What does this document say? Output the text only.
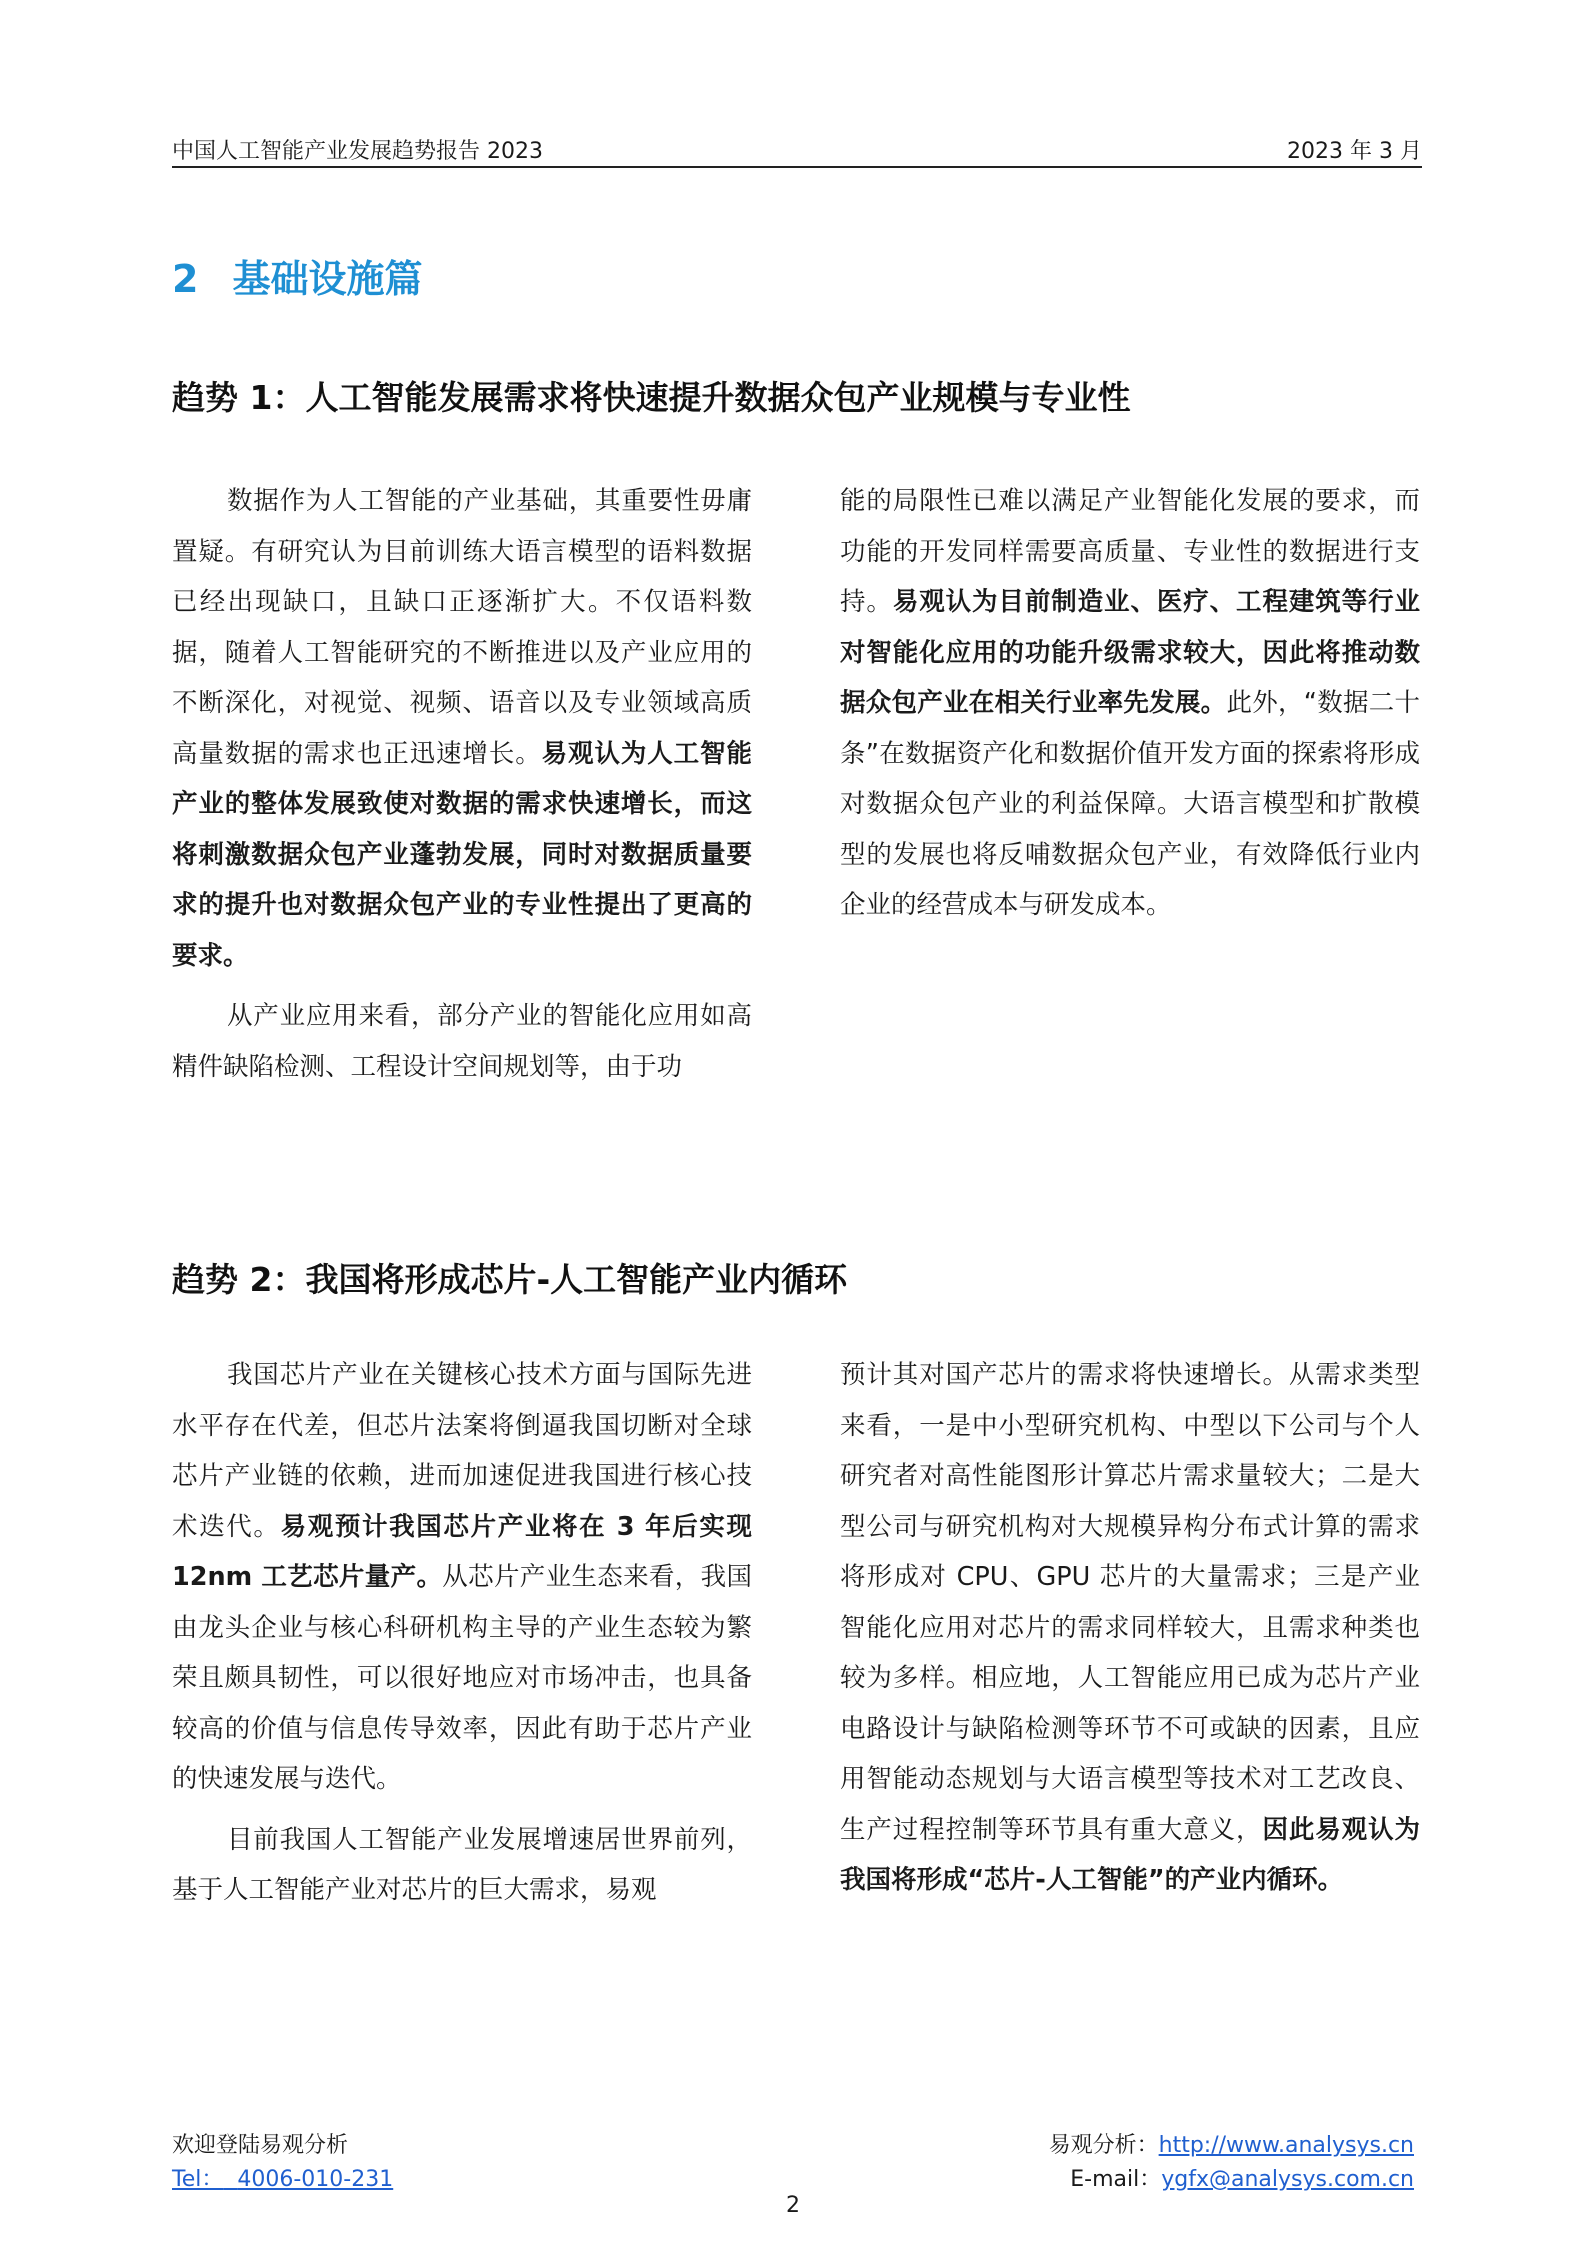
中国人工智能产业发展趋势报告 2023	2023 年 3 月
2 基础设施篇
趋势 1：人工智能发展需求将快速提升数据众包产业规模与专业性

数据作为人工智能的产业基础，其重要性毋庸置疑。有研究认为目前训练大语言模型的语料数据已经出现缺口，且缺口正逐渐扩大。不仅语料数据，随着人工智能研究的不断推进以及产业应用的不断深化，对视觉、视频、语音以及专业领域高质高量数据的需求也正迅速增长。易观认为人工智能产业的整体发展致使对数据的需求快速增长，而这将刺激数据众包产业蓬勃发展，同时对数据质量要求的提升也对数据众包产业的专业性提出了更高的要求。

从产业应用来看，部分产业的智能化应用如高精件缺陷检测、工程设计空间规划等，由于功

能的局限性已难以满足产业智能化发展的要求，而功能的开发同样需要高质量、专业性的数据进行支持。易观认为目前制造业、医疗、工程建筑等行业对智能化应用的功能升级需求较大，因此将推动数据众包产业在相关行业率先发展。此外，“数据二十条”在数据资产化和数据价值开发方面的探索将形成对数据众包产业的利益保障。大语言模型和扩散模型的发展也将反哺数据众包产业，有效降低行业内企业的经营成本与研发成本。

趋势 2：我国将形成芯片-人工智能产业内循环

我国芯片产业在关键核心技术方面与国际先进水平存在代差，但芯片法案将倒逼我国切断对全球芯片产业链的依赖，进而加速促进我国进行核心技术迭代。易观预计我国芯片产业将在 3 年后实现 12nm 工艺芯片量产。从芯片产业生态来看，我国由龙头企业与核心科研机构主导的产业生态较为繁荣且颇具韧性，可以很好地应对市场冲击，也具备较高的价值与信息传导效率，因此有助于芯片产业的快速发展与迭代。

目前我国人工智能产业发展增速居世界前列，基于人工智能产业对芯片的巨大需求，易观

预计其对国产芯片的需求将快速增长。从需求类型来看，一是中小型研究机构、中型以下公司与个人研究者对高性能图形计算芯片需求量较大；二是大型公司与研究机构对大规模异构分布式计算的需求将形成对 CPU、GPU 芯片的大量需求；三是产业智能化应用对芯片的需求同样较大，且需求种类也较为多样。相应地，人工智能应用已成为芯片产业电路设计与缺陷检测等环节不可或缺的因素，且应用智能动态规划与大语言模型等技术对工艺改良、生产过程控制等环节具有重大意义，因此易观认为我国将形成“芯片-人工智能”的产业内循环。

欢迎登陆易观分析
Tel： 4006-010-231
易观分析：http://www.analysys.cn
E-mail：ygfx@analysys.com.cn
2
